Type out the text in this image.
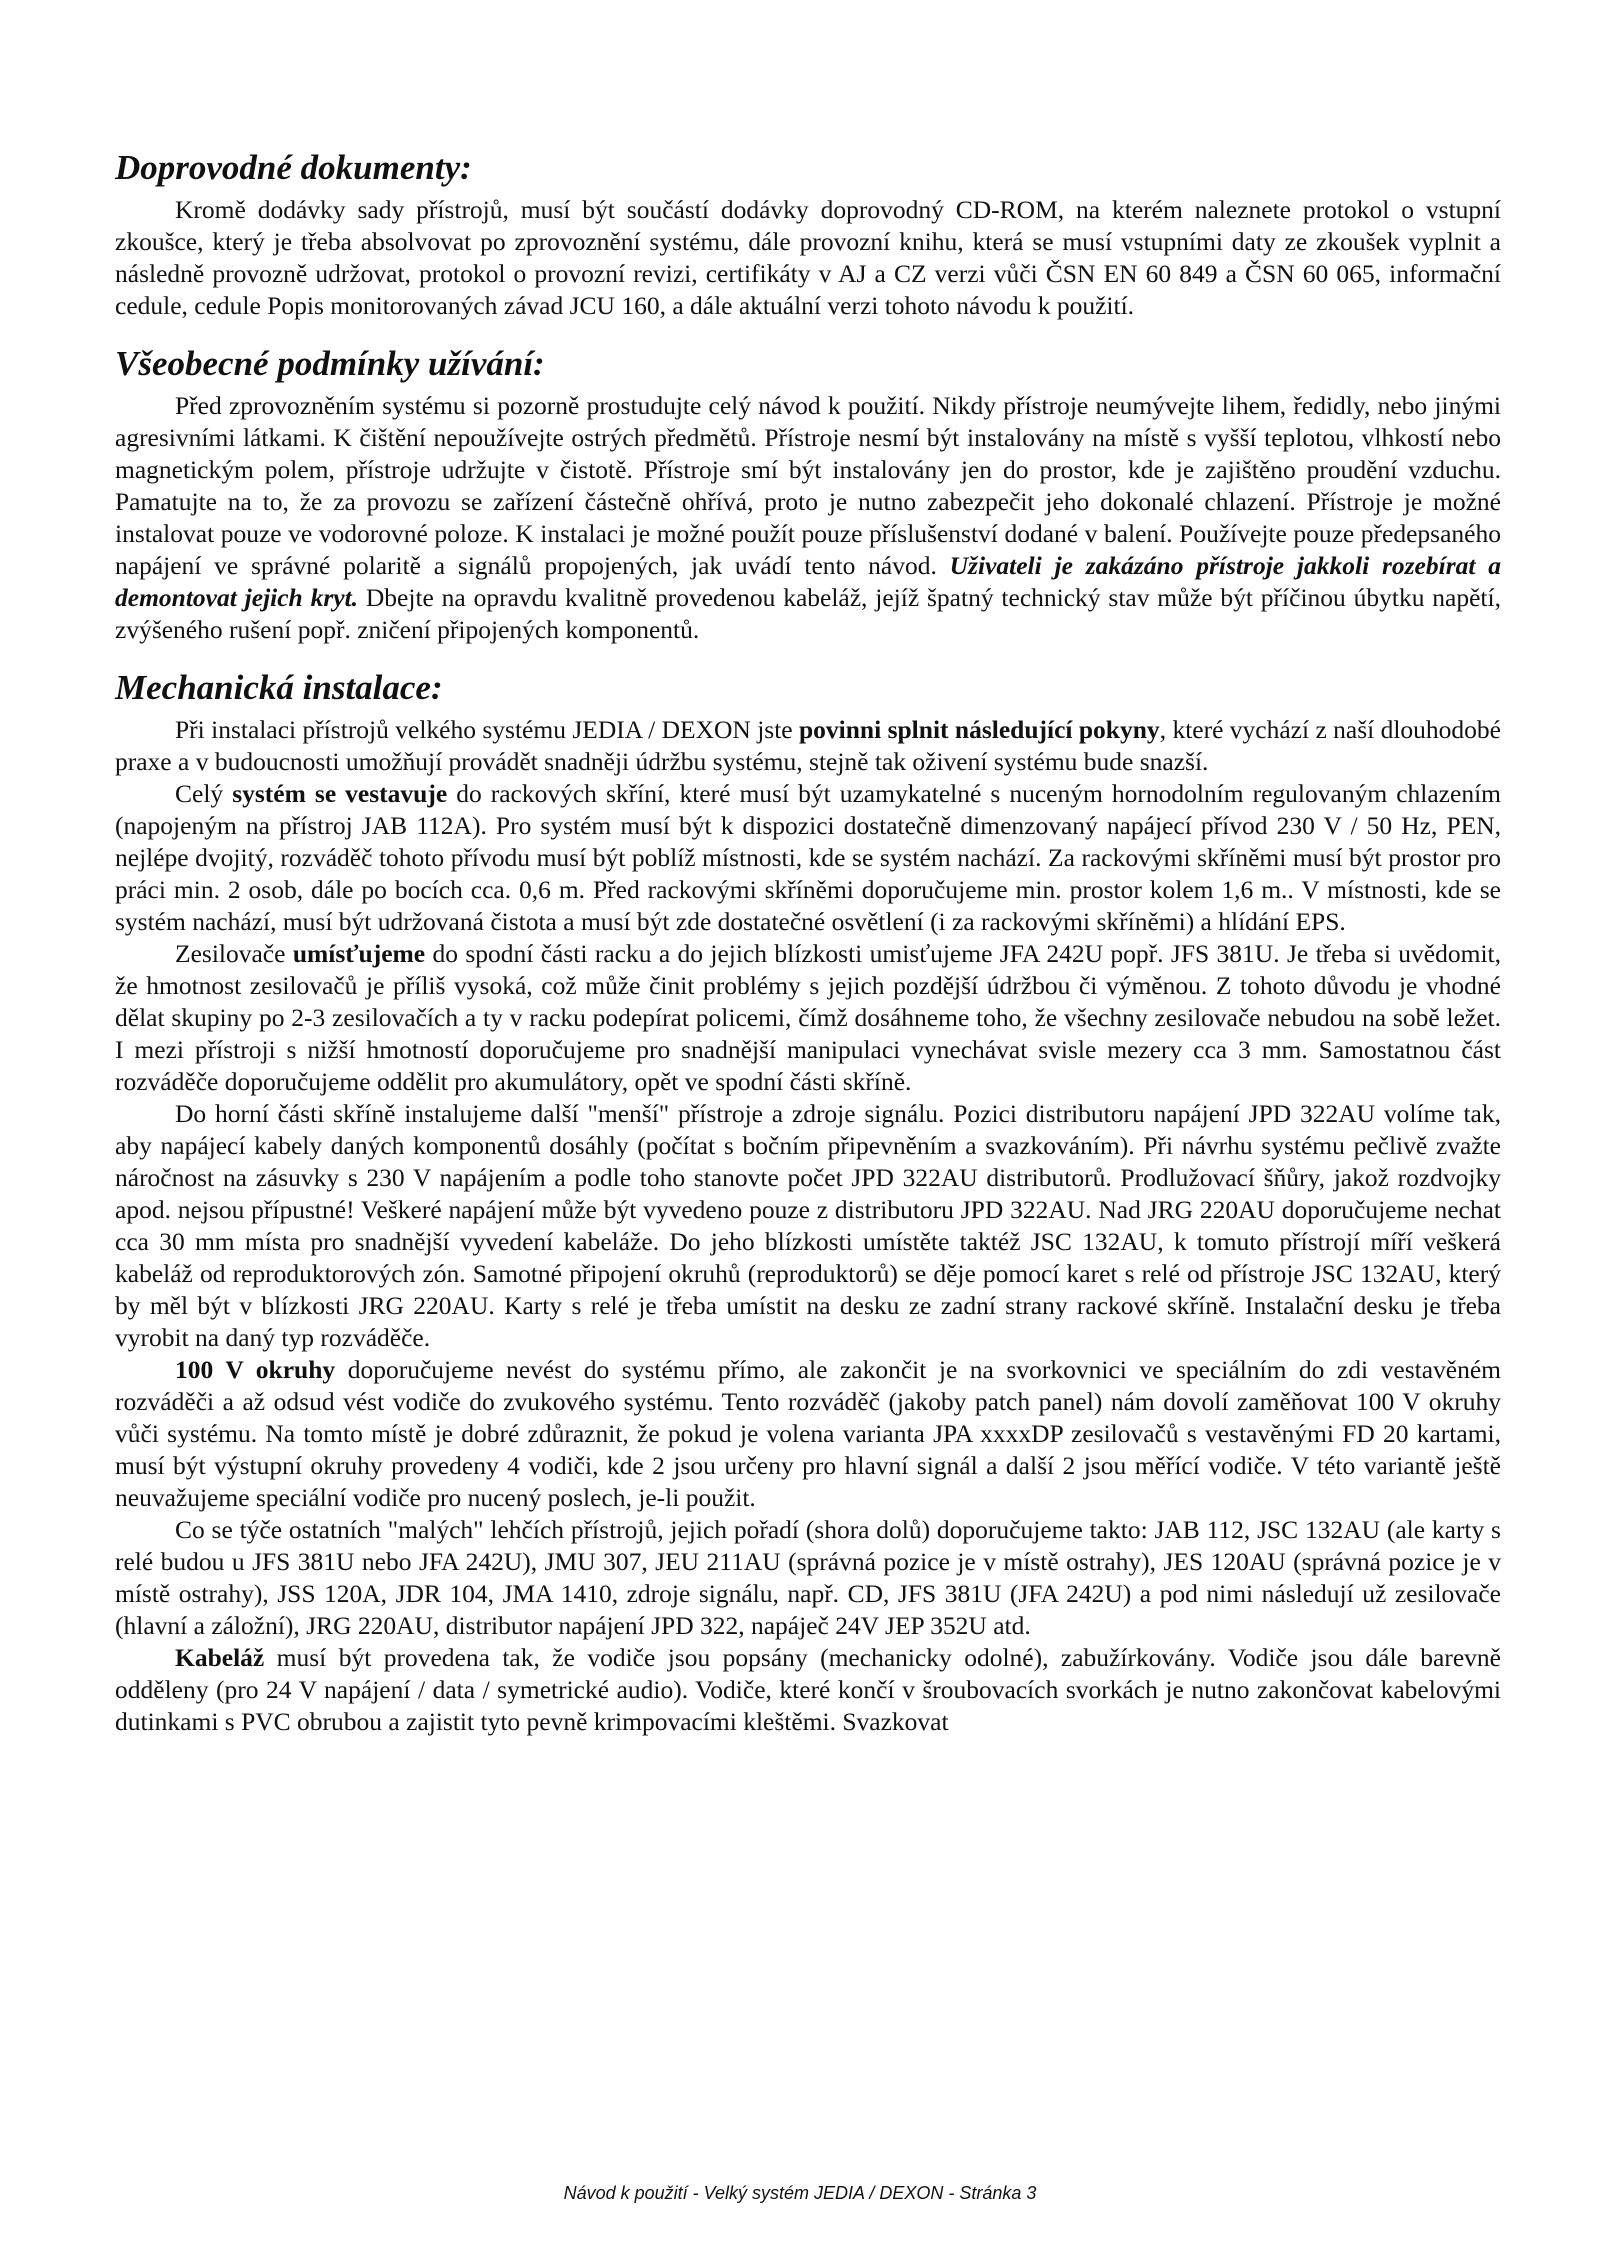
Doprovodné dokumenty:

Kromě dodávky sady přístrojů, musí být součástí dodávky doprovodný CD-ROM, na kterém naleznete protokol o vstupní zkoušce, který je třeba absolvovat po zprovoznění systému, dále provozní knihu, která se musí vstupními daty ze zkoušek vyplnit a následně provozně udržovat, protokol o provozní revizi, certifikáty v AJ a CZ verzi vůči ČSN EN 60 849 a ČSN 60 065, informační cedule, cedule Popis monitorovaných závad JCU 160, a dále aktuální verzi tohoto návodu k použití.

Všeobecné podmínky užívání:

Před zprovozněním systému si pozorně prostudujte celý návod k použití. Nikdy přístroje neumývejte lihem, ředidly, nebo jinými agresivními látkami. K čištění nepoužívejte ostrých předmětů. Přístroje nesmí být instalovány na místě s vyšší teplotou, vlhkostí nebo magnetickým polem, přístroje udržujte v čistotě. Přístroje smí být instalovány jen do prostor, kde je zajištěno proudění vzduchu. Pamatujte na to, že za provozu se zařízení částečně ohřívá, proto je nutno zabezpečit jeho dokonalé chlazení. Přístroje je možné instalovat pouze ve vodorovné poloze. K instalaci je možné použít pouze příslušenství dodané v balení. Používejte pouze předepsaného napájení ve správné polaritě a signálů propojených, jak uvádí tento návod. Uživateli je zakázáno přístroje jakkoli rozebírat a demontovat jejich kryt. Dbejte na opravdu kvalitně provedenou kabeláž, jejíž špatný technický stav může být příčinou úbytku napětí, zvýšeného rušení popř. zničení připojených komponentů.

Mechanická instalace:

Při instalaci přístrojů velkého systému JEDIA / DEXON jste povinni splnit následující pokyny, které vychází z naší dlouhodobé praxe a v budoucnosti umožňují provádět snadněji údržbu systému, stejně tak oživení systému bude snazší.

Celý systém se vestavuje do rackových skříní, které musí být uzamykatelné s nuceným hornodolním regulovaným chlazením (napojeným na přístroj JAB 112A). Pro systém musí být k dispozici dostatečně dimenzovaný napájecí přívod 230 V / 50 Hz, PEN, nejlépe dvojitý, rozváděč tohoto přívodu musí být poblíž místnosti, kde se systém nachází. Za rackovými skříněmi musí být prostor pro práci min. 2 osob, dále po bocích cca. 0,6 m. Před rackovými skříněmi doporučujeme min. prostor kolem 1,6 m.. V místnosti, kde se systém nachází, musí být udržovaná čistota a musí být zde dostatečné osvětlení (i za rackovými skříněmi) a hlídání EPS.

Zesilovače umísťujeme do spodní části racku a do jejich blízkosti umisťujeme JFA 242U popř. JFS 381U. Je třeba si uvědomit, že hmotnost zesilovačů je příliš vysoká, což může činit problémy s jejich pozdější údržbou či výměnou. Z tohoto důvodu je vhodné dělat skupiny po 2-3 zesilovačích a ty v racku podepírat policemi, čímž dosáhneme toho, že všechny zesilovače nebudou na sobě ležet. I mezi přístroji s nižší hmotností doporučujeme pro snadnější manipulaci vynechávat svisle mezery cca 3 mm. Samostatnou část rozváděče doporučujeme oddělit pro akumulátory, opět ve spodní části skříně.

Do horní části skříně instalujeme další "menší" přístroje a zdroje signálu. Pozici distributoru napájení JPD 322AU volíme tak, aby napájecí kabely daných komponentů dosáhly (počítat s bočním připevněním a svazkováním). Při návrhu systému pečlivě zvažte náročnost na zásuvky s 230 V napájením a podle toho stanovte počet JPD 322AU distributorů. Prodlužovací šňůry, jakož rozdvojky apod. nejsou přípustné! Veškeré napájení může být vyvedeno pouze z distributoru JPD 322AU. Nad JRG 220AU doporučujeme nechat cca 30 mm místa pro snadnější vyvedení kabeláže. Do jeho blízkosti umístěte taktéž JSC 132AU, k tomuto přístrojí míří veškerá kabeláž od reproduktorových zón. Samotné připojení okruhů (reproduktorů) se děje pomocí karet s relé od přístroje JSC 132AU, který by měl být v blízkosti JRG 220AU. Karty s relé je třeba umístit na desku ze zadní strany rackové skříně. Instalační desku je třeba vyrobit na daný typ rozváděče.

100 V okruhy doporučujeme nevést do systému přímo, ale zakončit je na svorkovnici ve speciálním do zdi vestavěném rozváděči a až odsud vést vodiče do zvukového systému. Tento rozváděč (jakoby patch panel) nám dovolí zaměňovat 100 V okruhy vůči systému. Na tomto místě je dobré zdůraznit, že pokud je volena varianta JPA xxxxDP zesilovačů s vestavěnými FD 20 kartami, musí být výstupní okruhy provedeny 4 vodiči, kde 2 jsou určeny pro hlavní signál a další 2 jsou měřící vodiče. V této variantě ještě neuvažujeme speciální vodiče pro nucený poslech, je-li použit.

Co se týče ostatních "malých" lehčích přístrojů, jejich pořadí (shora dolů) doporučujeme takto: JAB 112, JSC 132AU (ale karty s relé budou u JFS 381U nebo JFA 242U), JMU 307, JEU 211AU (správná pozice je v místě ostrahy), JES 120AU (správná pozice je v místě ostrahy), JSS 120A, JDR 104, JMA 1410, zdroje signálu, např. CD, JFS 381U (JFA 242U) a pod nimi následují už zesilovače (hlavní a záložní), JRG 220AU, distributor napájení JPD 322, napáječ 24V JEP 352U atd.

Kabeláž musí být provedena tak, že vodiče jsou popsány (mechanicky odolné), zabužírkovány. Vodiče jsou dále barevně odděleny (pro 24 V napájení / data / symetrické audio). Vodiče, které končí v šroubovacích svorkách je nutno zakončovat kabelovými dutinkami s PVC obrubou a zajistit tyto pevně krimpovacími kleštěmi. Svazkovat

Návod k použití - Velký systém JEDIA / DEXON - Stránka 3
